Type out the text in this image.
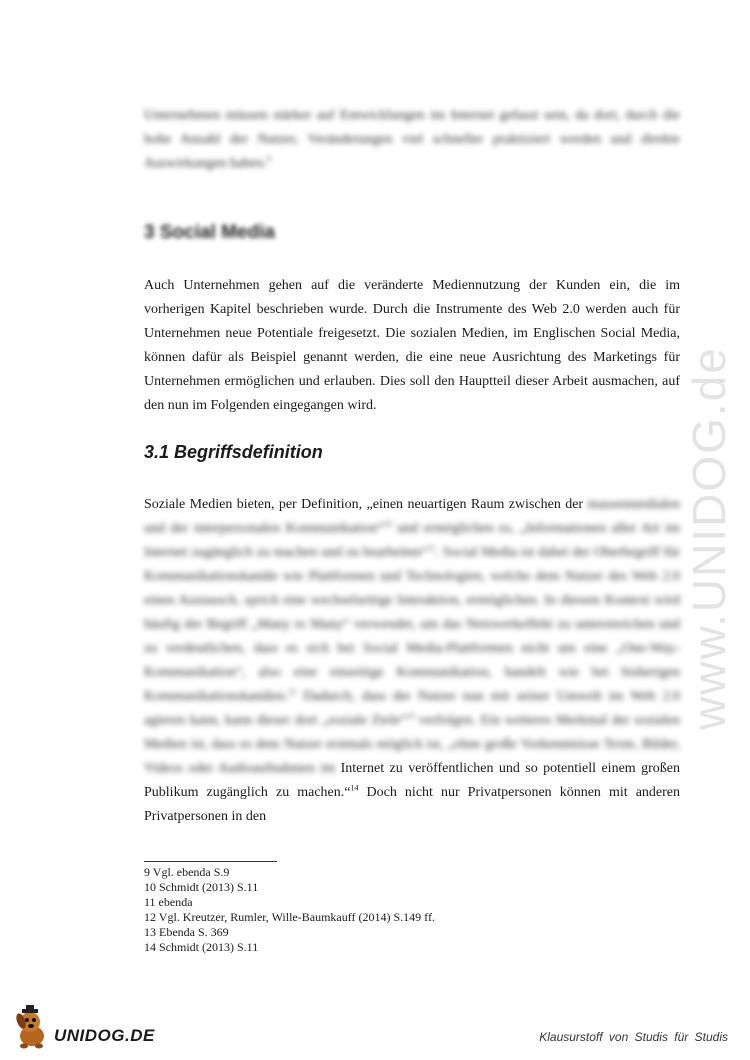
Unternehmen müssen stärker auf Entwicklungen im Internet gefasst sein, da dort, durch die hohe Anzahl der Nutzer, Veränderungen viel schneller praktiziert werden und direkte Auswirkungen haben.$^9$

3 Social Media

Auch Unternehmen gehen auf die veränderte Mediennutzung der Kunden ein, die im vorherigen Kapitel beschrieben wurde. Durch die Instrumente des Web 2.0 werden auch für Unternehmen neue Potentiale freigesetzt. Die sozialen Medien, im Englischen Social Media, können dafür als Beispiel genannt werden, die eine neue Ausrichtung des Marketings für Unternehmen ermöglichen und erlauben. Dies soll den Hauptteil dieser Arbeit ausmachen, auf den nun im Folgenden eingegangen wird.

3.1 Begriffsdefinition

Soziale Medien bieten, per Definition, „einen neuartigen Raum zwischen der massenmedialen und der interpersonalen Kommunikation“$^{10}$ und ermöglichen es, „Informationen aller Art im Internet zugänglich zu machen und zu bearbeiten“$^{11}$. Social Media ist dabei der Oberbegriff für Kommunikationskanäle wie Plattformen und Technologien, welche dem Nutzer des Web 2.0 einen Austausch, sprich eine wechselseitige Interaktion, ermöglichen. In diesem Kontext wird häufig der Begriff „Many to Many“ verwendet, um das Netzwerkeffekt zu unterstreichen und zu verdeutlichen, dass es sich bei Social Media-Plattformen nicht um eine „One-Way-Kommunikation“, also eine einseitige Kommunikation, handelt wie bei bisherigen Kommunikationskanälen.$^{12}$ Dadurch, dass der Nutzer nun mit seiner Umwelt im Web 2.0 agieren kann, kann dieser dort „soziale Ziele“$^{13}$ verfolgen. Ein weiteres Merkmal der sozialen Medien ist, dass es dem Nutzer erstmals möglich ist, „ohne große Vorkenntnisse Texte, Bilder, Videos oder Audioaufnahmen im Internet zu veröffentlichen und so potentiell einem großen Publikum zugänglich zu machen.“$^{14}$ Doch nicht nur Privatpersonen können mit anderen Privatpersonen in den

9 Vgl. ebenda S.9
10 Schmidt (2013) S.11
11 ebenda
12 Vgl. Kreutzer, Rumler, Wille-Baumkauff (2014) S.149 ff.
13 Ebenda S. 369
14 Schmidt (2013) S.11
www.UNIDOG.de
UNIDOG.DE	Klausurstoff von Studis für Studis
